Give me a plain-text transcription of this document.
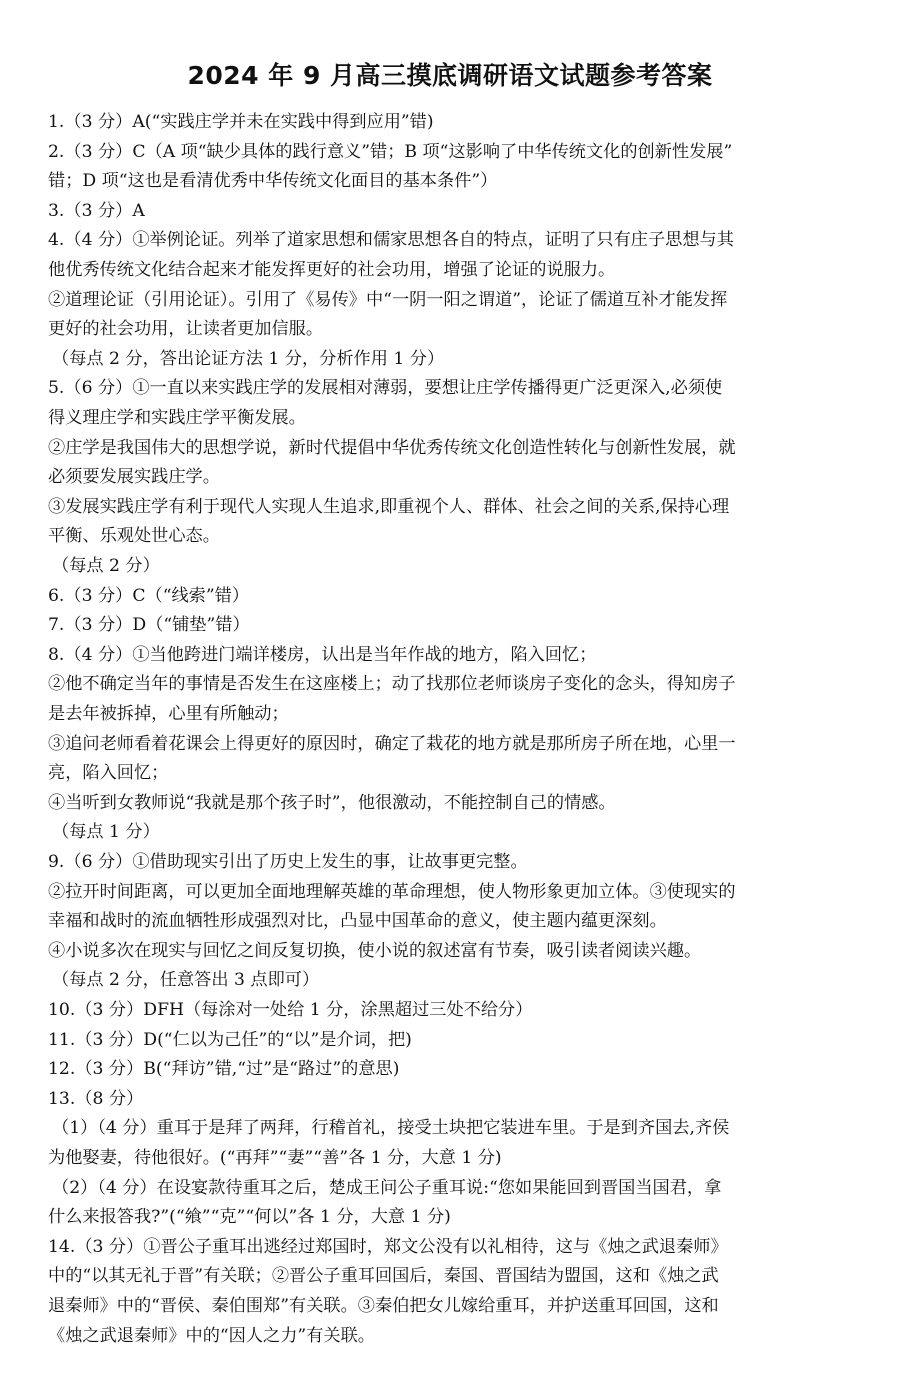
2024 年 9 月高三摸底调研语文试题参考答案
1.（3 分）A(“实践庄学并未在实践中得到应用”错)
2.（3 分）C（A 项“缺少具体的践行意义”错；B 项“这影响了中华传统文化的创新性发展”
错；D 项“这也是看清优秀中华传统文化面目的基本条件”）
3.（3 分）A
4.（4 分）①举例论证。列举了道家思想和儒家思想各自的特点，证明了只有庄子思想与其
他优秀传统文化结合起来才能发挥更好的社会功用，增强了论证的说服力。
②道理论证（引用论证）。引用了《易传》中“一阴一阳之谓道”，论证了儒道互补才能发挥
更好的社会功用，让读者更加信服。
（每点 2 分，答出论证方法 1 分，分析作用 1 分）
5.（6 分）①一直以来实践庄学的发展相对薄弱，要想让庄学传播得更广泛更深入,必须使
得义理庄学和实践庄学平衡发展。
②庄学是我国伟大的思想学说，新时代提倡中华优秀传统文化创造性转化与创新性发展，就
必须要发展实践庄学。
③发展实践庄学有利于现代人实现人生追求,即重视个人、群体、社会之间的关系,保持心理
平衡、乐观处世心态。
（每点 2 分）
6.（3 分）C（“线索”错）
7.（3 分）D（“铺垫”错）
8.（4 分）①当他跨进门端详楼房，认出是当年作战的地方，陷入回忆；
②他不确定当年的事情是否发生在这座楼上；动了找那位老师谈房子变化的念头，得知房子
是去年被拆掉，心里有所触动；
③追问老师看着花课会上得更好的原因时，确定了栽花的地方就是那所房子所在地，心里一
亮，陷入回忆；
④当听到女教师说“我就是那个孩子时”，他很激动，不能控制自己的情感。
（每点 1 分）
9.（6 分）①借助现实引出了历史上发生的事，让故事更完整。
②拉开时间距离，可以更加全面地理解英雄的革命理想，使人物形象更加立体。③使现实的
幸福和战时的流血牺牲形成强烈对比，凸显中国革命的意义，使主题内蕴更深刻。
④小说多次在现实与回忆之间反复切换，使小说的叙述富有节奏，吸引读者阅读兴趣。
（每点 2 分，任意答出 3 点即可）
10.（3 分）DFH（每涂对一处给 1 分，涂黑超过三处不给分）
11.（3 分）D(“仁以为己任”的“以”是介词，把)
12.（3 分）B(“拜访”错,“过”是“路过”的意思)
13.（8 分）
（1）（4 分）重耳于是拜了两拜，行稽首礼，接受土块把它装进车里。于是到齐国去,齐侯
为他娶妻，待他很好。(“再拜”“妻”“善”各 1 分，大意 1 分)
（2）（4 分）在设宴款待重耳之后，楚成王问公子重耳说:“您如果能回到晋国当国君，拿
什么来报答我?”(“飨”“克”“何以”各 1 分，大意 1 分)
14.（3 分）①晋公子重耳出逃经过郑国时，郑文公没有以礼相待，这与《烛之武退秦师》
中的“以其无礼于晋”有关联；②晋公子重耳回国后，秦国、晋国结为盟国，这和《烛之武
退秦师》中的“晋侯、秦伯围郑”有关联。③秦伯把女儿嫁给重耳，并护送重耳回国，这和
《烛之武退秦师》中的“因人之力”有关联。
